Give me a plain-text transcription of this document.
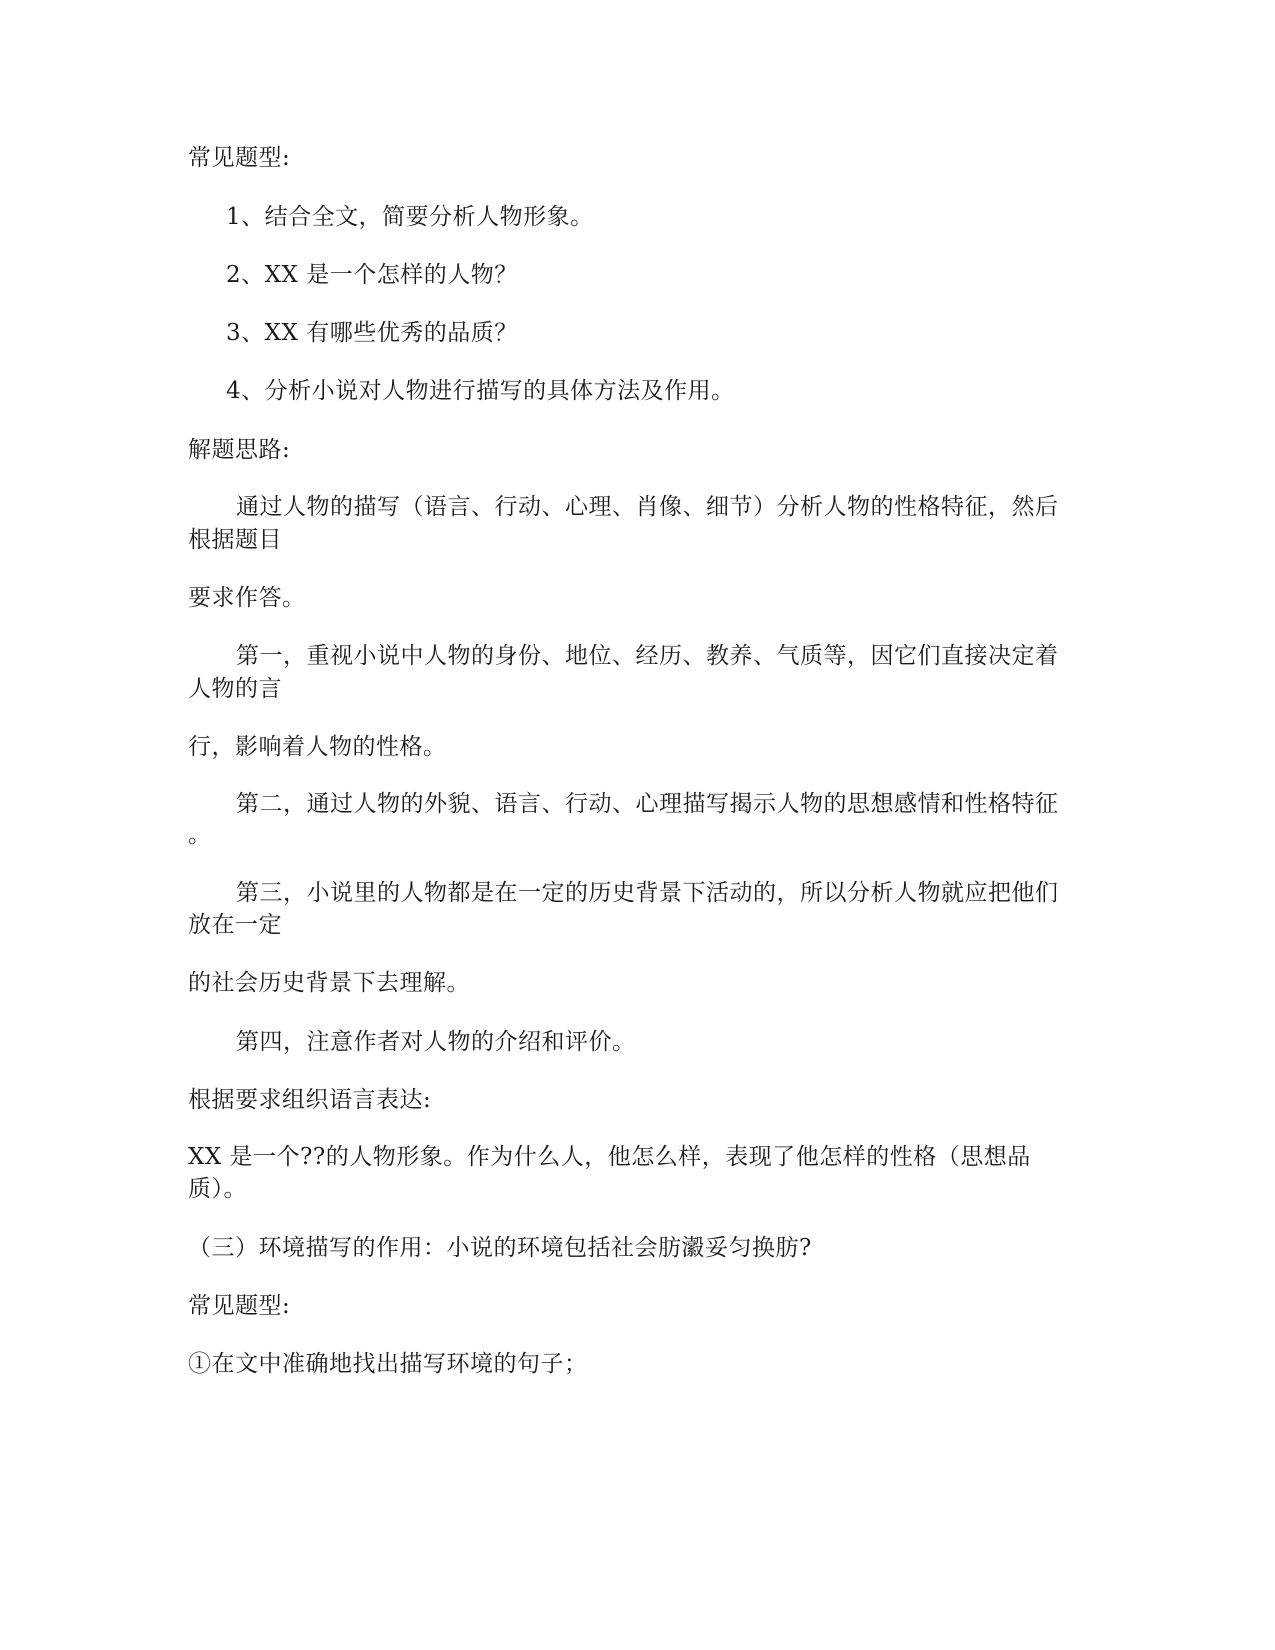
常见题型:
1、结合全文，简要分析人物形象。
2、XX 是一个怎样的人物？
3、XX 有哪些优秀的品质？
4、分析小说对人物进行描写的具体方法及作用。
解题思路:
通过人物的描写（语言、行动、心理、肖像、细节）分析人物的性格特征，然后
根据题目
要求作答。
第一，重视小说中人物的身份、地位、经历、教养、气质等，因它们直接决定着
人物的言
行，影响着人物的性格。
第二，通过人物的外貌、语言、行动、心理描写揭示人物的思想感情和性格特征
。
第三，小说里的人物都是在一定的历史背景下活动的，所以分析人物就应把他们
放在一定
的社会历史背景下去理解。
第四，注意作者对人物的介绍和评价。
根据要求组织语言表达:
XX 是一个??的人物形象。作为什么人，他怎么样，表现了他怎样的性格（思想品
质）。
（三）环境描写的作用：小说的环境包括社会肪瀫妥匀换肪?
常见题型:
①在文中准确地找出描写环境的句子；
